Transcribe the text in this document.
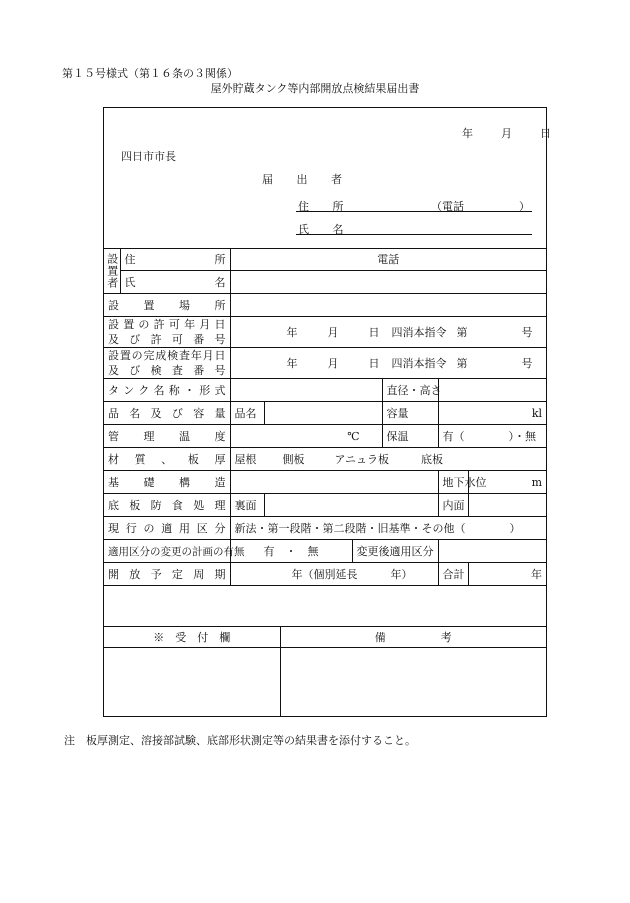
第１５号様式（第１６条の３関係）
屋外貯蔵タンク等内部開放点検結果届出書
年	月	日
四日市市長
届 出 者
住 所	（電話	）
氏 名
設置者	住　　　所	電話					
	氏　　　名						
設置場所							

設置の許可年月日
及び許可番号		年 月 日 四消本指令 第 号					

設置の完成検査年月日
及び検査番号		年 月 日 四消本指令 第 号					
タンク名称・形式					直径・高さ		
品名及び容量		品名			容量	kl	
管理温度		℃			保温	有（　　　　）・無	
材質、板厚		屋根 側板 アニュラ板 底板					
基礎構造						地下水位	m
底板防食処理		裏面				内面	
現行の適用区分		新法・第一段階・第二段階・旧基準・その他（　　　　）					
適用区分の変更の計画の有無		有　・　無		変更後適用区分			
開放予定周期		年（個別延長　　　年）				合計	年
※　受　付　欄	備　　　　　考

注　板厚測定、溶接部試験、底部形状測定等の結果書を添付すること。
